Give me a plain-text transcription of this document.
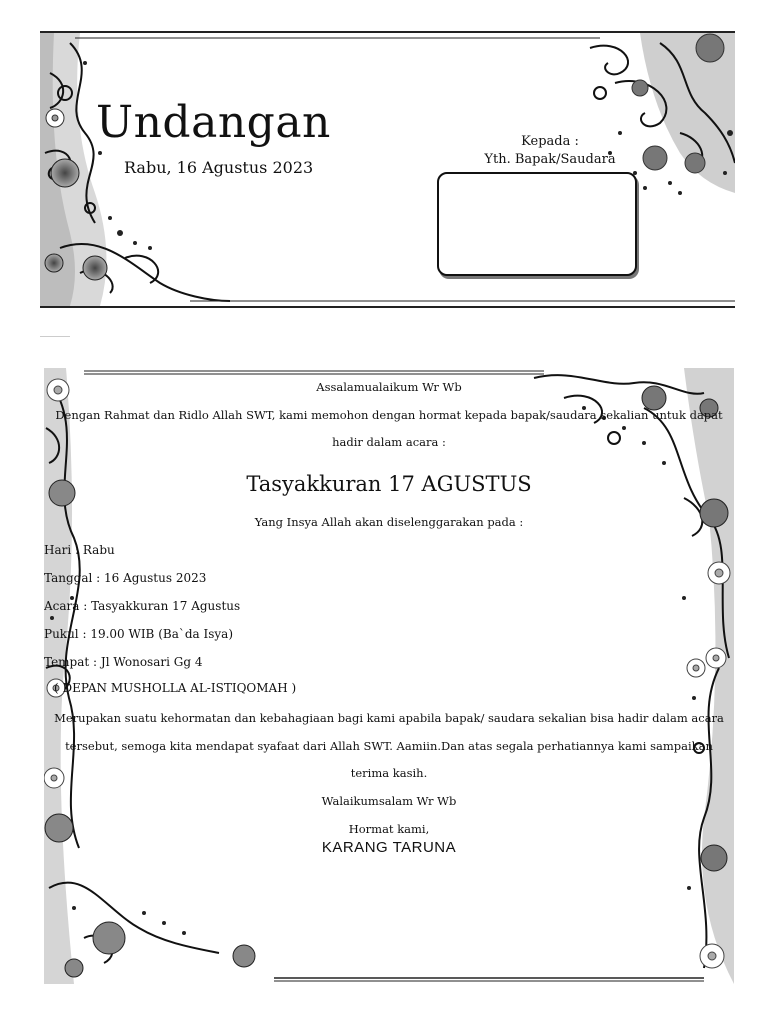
Undangan
Rabu, 16 Agustus 2023
Kepada :
Yth. Bapak/Saudara
Assalamualaikum Wr Wb
Dengan Rahmat dan Ridlo Allah SWT, kami memohon dengan hormat kepada bapak/saudara sekalian untuk dapat
hadir dalam acara :
Tasyakkuran 17 AGUSTUS
Yang Insya Allah akan diselenggarakan pada :
Hari : Rabu
Tanggal : 16 Agustus 2023
Acara : Tasyakkuran 17 Agustus
Pukul : 19.00 WIB (Ba`da Isya)
Tempat : Jl Wonosari Gg 4
( DEPAN MUSHOLLA AL-ISTIQOMAH )
Merupakan suatu kehormatan dan kebahagiaan bagi kami apabila bapak/ saudara sekalian bisa hadir dalam acara
tersebut, semoga kita mendapat syafaat dari Allah SWT. Aamiin.Dan atas segala perhatiannya kami sampaikan
terima kasih.
Walaikumsalam Wr Wb
Hormat kami,
KARANG TARUNA
